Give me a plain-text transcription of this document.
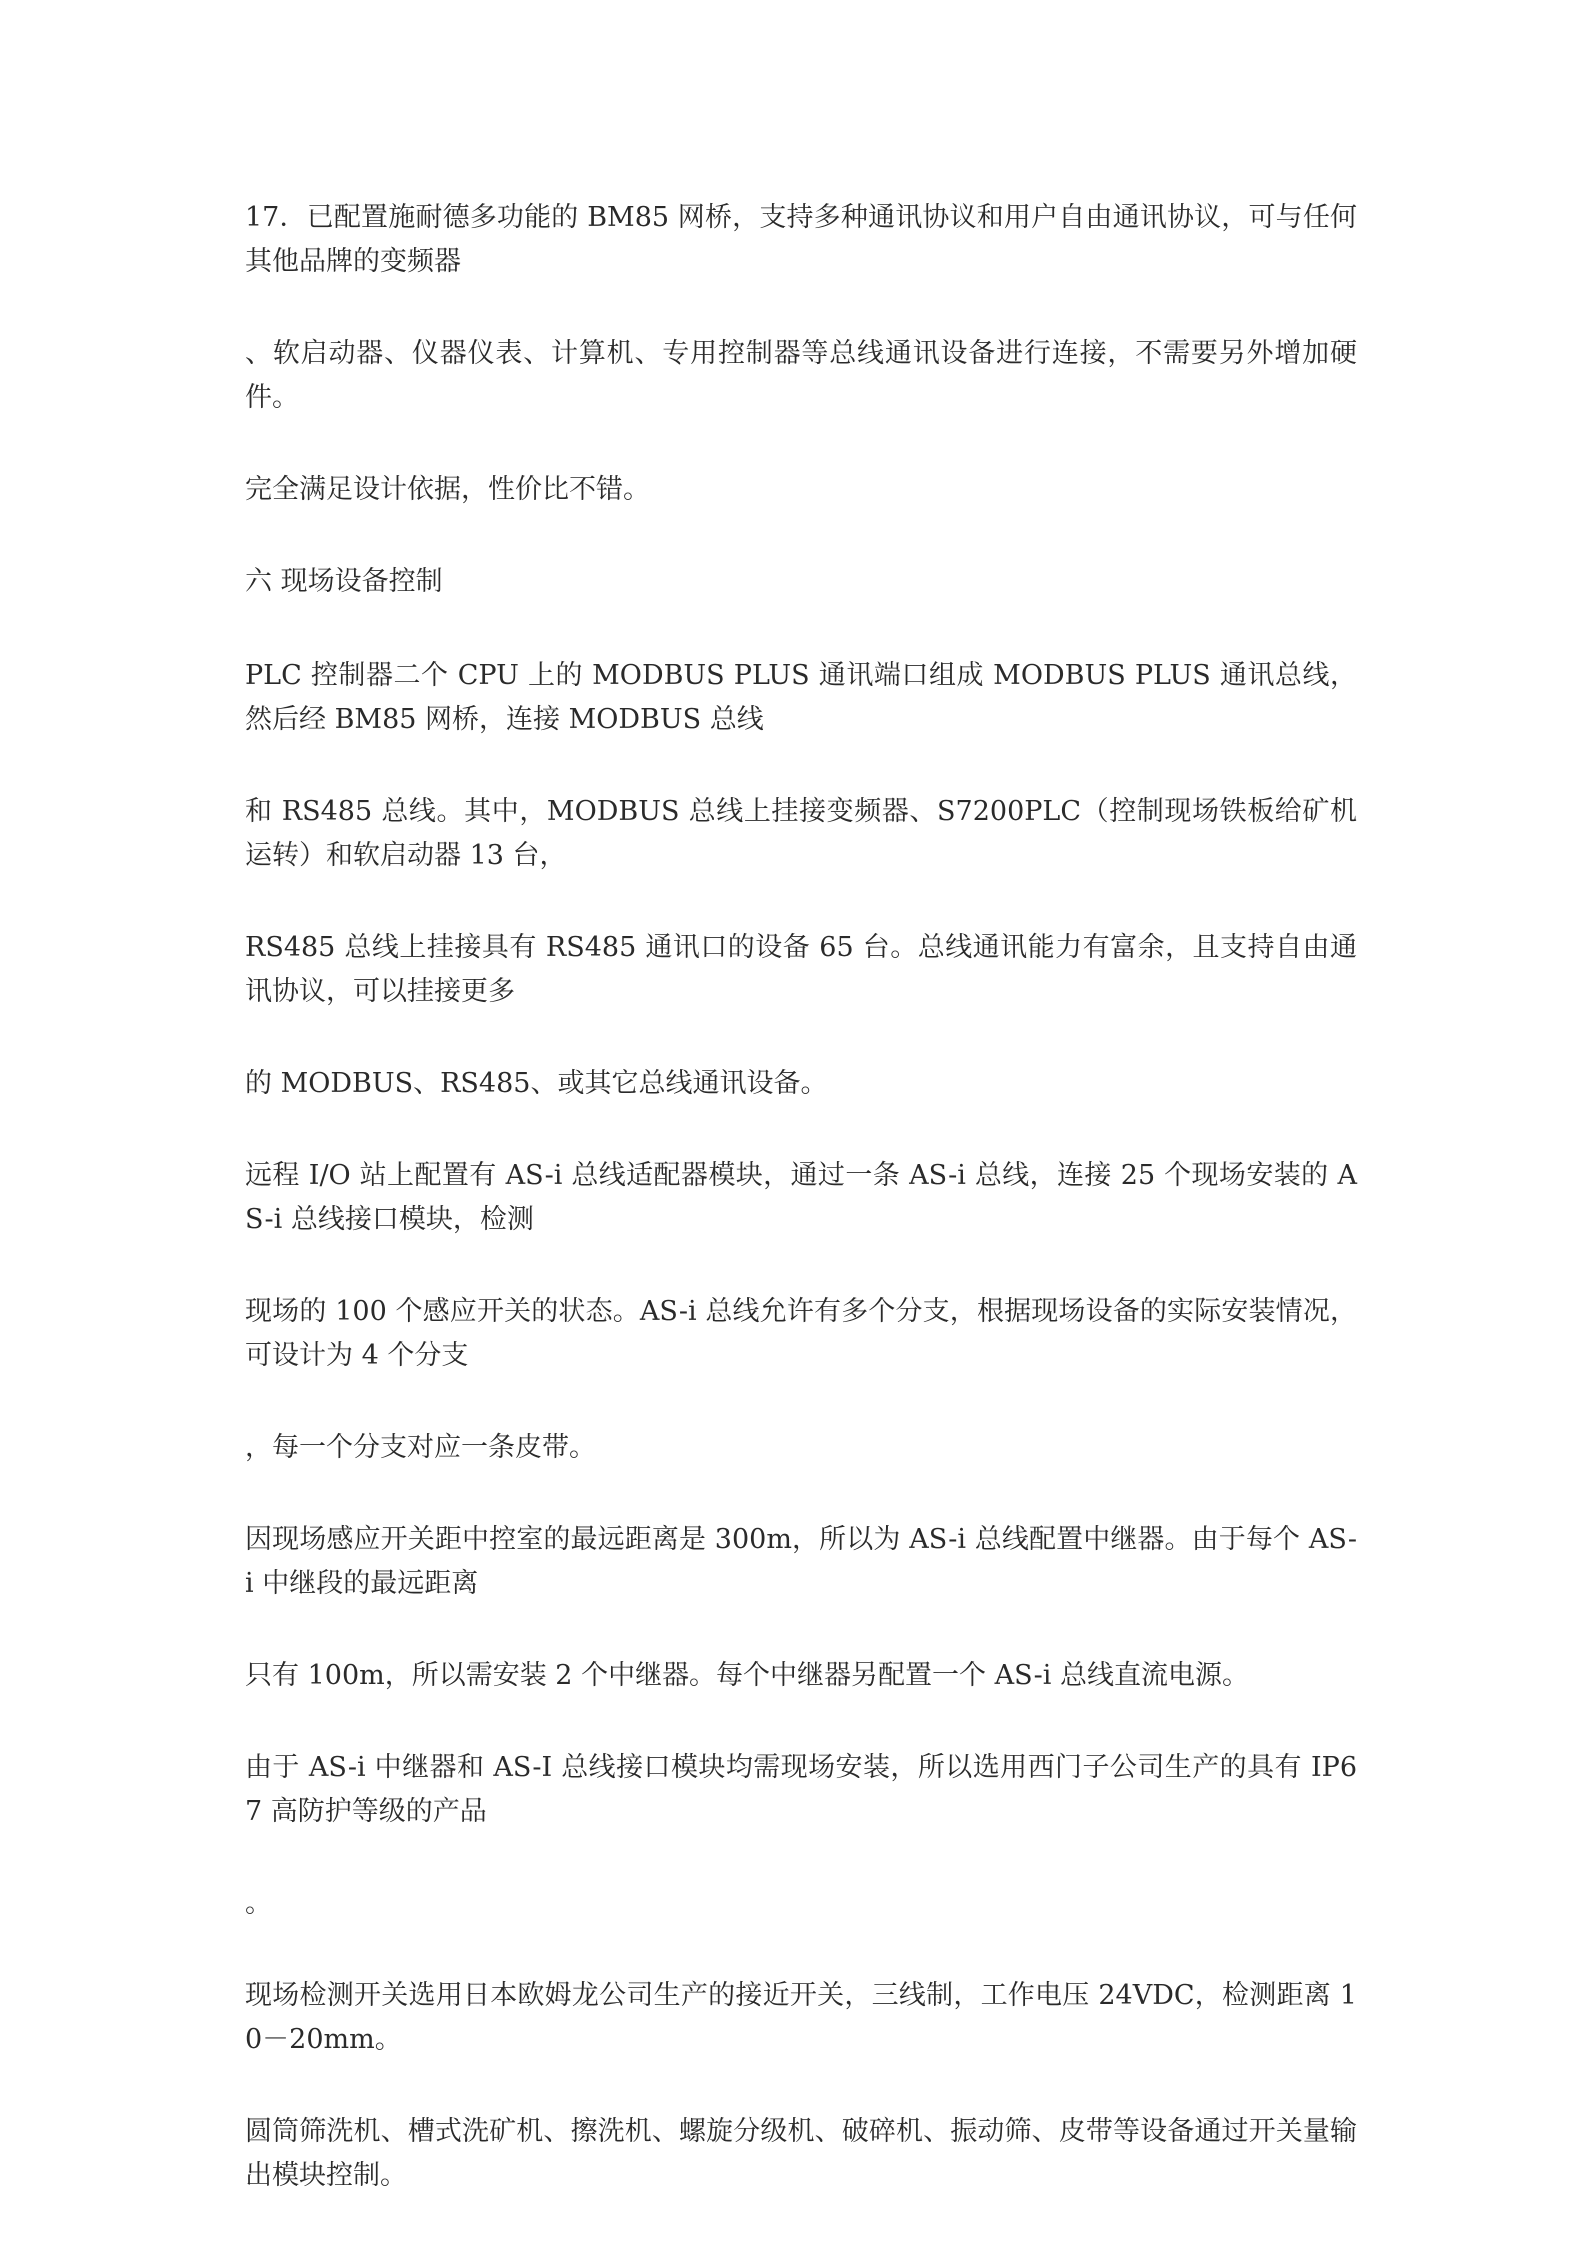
17．已配置施耐德多功能的 BM85 网桥，支持多种通讯协议和用户自由通讯协议，可与任何其他品牌的变频器

、软启动器、仪器仪表、计算机、专用控制器等总线通讯设备进行连接，不需要另外增加硬件。

完全满足设计依据，性价比不错。

六 现场设备控制

PLC 控制器二个 CPU 上的 MODBUS PLUS 通讯端口组成 MODBUS PLUS 通讯总线，然后经 BM85 网桥，连接 MODBUS 总线

和 RS485 总线。其中，MODBUS 总线上挂接变频器、S7200PLC（控制现场铁板给矿机运转）和软启动器 13 台，

RS485 总线上挂接具有 RS485 通讯口的设备 65 台。总线通讯能力有富余，且支持自由通讯协议，可以挂接更多

的 MODBUS、RS485、或其它总线通讯设备。

远程 I/O 站上配置有 AS-i 总线适配器模块，通过一条 AS-i 总线，连接 25 个现场安装的 AS-i 总线接口模块，检测

现场的 100 个感应开关的状态。AS-i 总线允许有多个分支，根据现场设备的实际安装情况，可设计为 4 个分支

，每一个分支对应一条皮带。

因现场感应开关距中控室的最远距离是 300m，所以为 AS-i 总线配置中继器。由于每个 AS-i 中继段的最远距离

只有 100m，所以需安装 2 个中继器。每个中继器另配置一个 AS-i 总线直流电源。

由于 AS-i 中继器和 AS-I 总线接口模块均需现场安装，所以选用西门子公司生产的具有 IP67 高防护等级的产品

。

现场检测开关选用日本欧姆龙公司生产的接近开关，三线制，工作电压 24VDC，检测距离 10－20mm。

圆筒筛洗机、槽式洗矿机、擦洗机、螺旋分级机、破碎机、振动筛、皮带等设备通过开关量输出模块控制。
